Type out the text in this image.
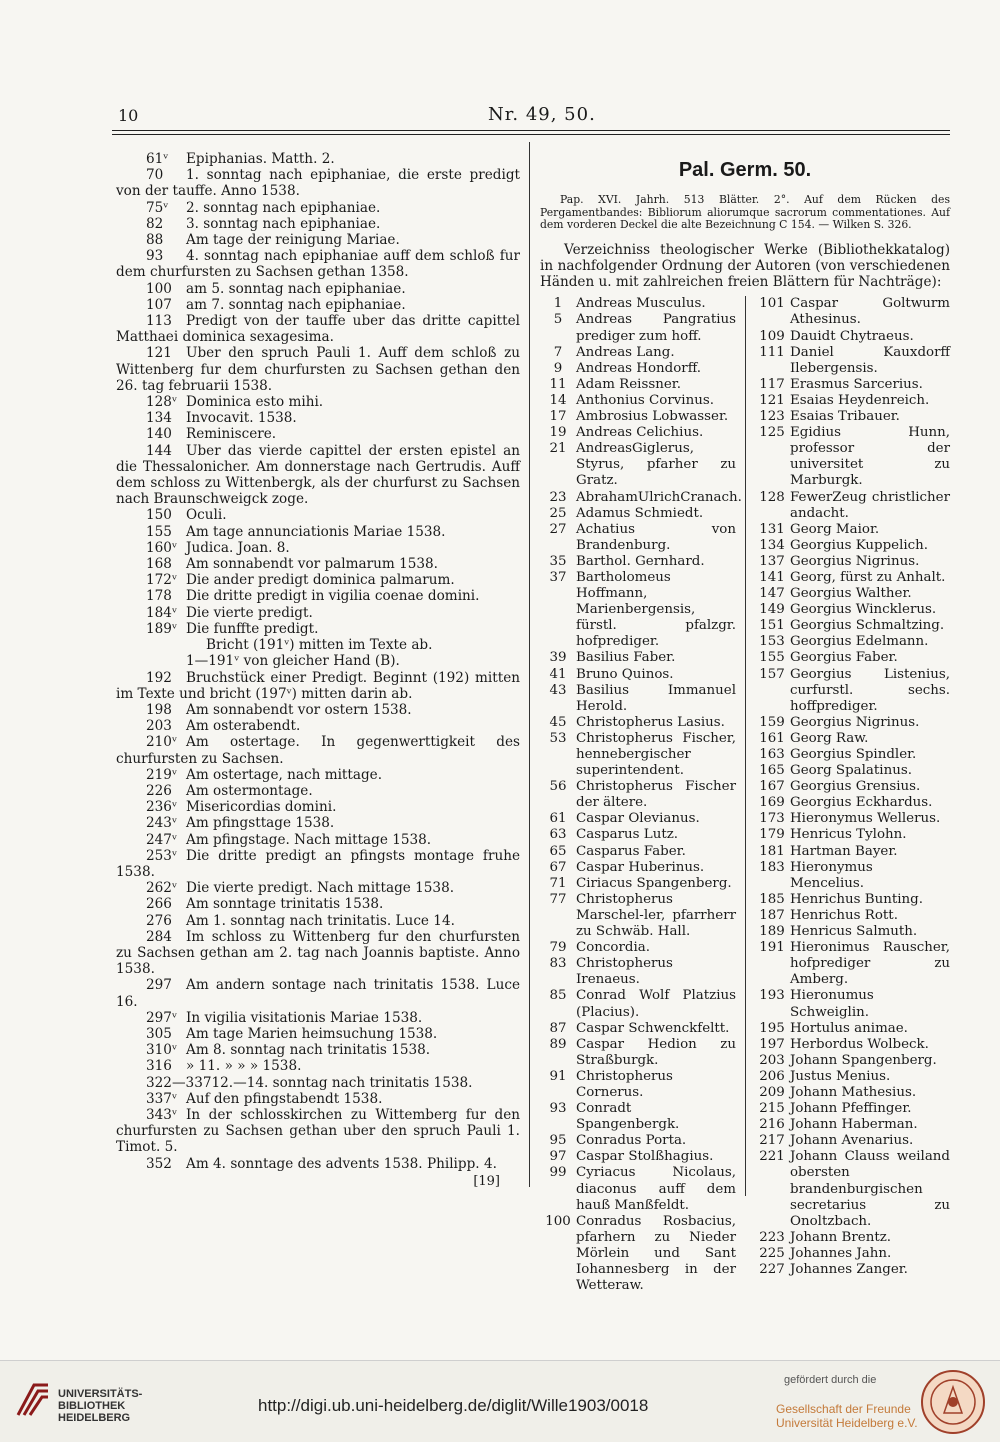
10	Nr. 49, 50.

61ᵛ Epiphanias. Matth. 2.

70 1. sonntag nach epiphaniae, die erste predigt von der tauffe. Anno 1538.

75ᵛ 2. sonntag nach epiphaniae.

82 3. sonntag nach epiphaniae.

88 Am tage der reinigung Mariae.

93 4. sonntag nach epiphaniae auff dem schloß fur dem churfursten zu Sachsen gethan 1358.

100 am 5. sonntag nach epiphaniae.

107 am 7. sonntag nach epiphaniae.

113 Predigt von der tauffe uber das dritte capittel Matthaei dominica sexagesima.

121 Uber den spruch Pauli 1. Auff dem schloß zu Wittenberg fur dem churfursten zu Sachsen gethan den 26. tag februarii 1538.

128ᵛ Dominica esto mihi.

134 Invocavit. 1538.

140 Reminiscere.

144 Uber das vierde capittel der ersten epistel an die Thessalonicher. Am donnerstage nach Gertrudis. Auff dem schloss zu Wittenbergk, als der churfurst zu Sachsen nach Braunschweigck zoge.

150 Oculi.

155 Am tage annunciationis Mariae 1538.

160ᵛ Judica. Joan. 8.

168 Am sonnabendt vor palmarum 1538.

172ᵛ Die ander predigt dominica palmarum.

178 Die dritte predigt in vigilia coenae domini.

184ᵛ Die vierte predigt.

189ᵛ Die funffte predigt.

Bricht (191ᵛ) mitten im Texte ab.

1—191ᵛ von gleicher Hand (B).

192 Bruchstück einer Predigt. Beginnt (192) mitten im Texte und bricht (197ᵛ) mitten darin ab.

198 Am sonnabendt vor ostern 1538.

203 Am osterabendt.

210ᵛ Am ostertage. In gegenwerttigkeit des churfursten zu Sachsen.

219ᵛ Am ostertage, nach mittage.

226 Am ostermontage.

236ᵛ Misericordias domini.

243ᵛ Am pfingsttage 1538.

247ᵛ Am pfingstage. Nach mittage 1538.

253ᵛ Die dritte predigt an pfingsts montage fruhe 1538.

262ᵛ Die vierte predigt. Nach mittage 1538.

266 Am sonntage trinitatis 1538.

276 Am 1. sonntag nach trinitatis. Luce 14.

284 Im schloss zu Wittenberg fur den churfursten zu Sachsen gethan am 2. tag nach Joannis baptiste. Anno 1538.

297 Am andern sontage nach trinitatis 1538. Luce 16.

297ᵛ In vigilia visitationis Mariae 1538.

305 Am tage Marien heimsuchung 1538.

310ᵛ Am 8. sonntag nach trinitatis 1538.

316 » 11. » » » 1538.

322—33712.—14. sonntag nach trinitatis 1538.

337ᵛ Auf den pfingstabendt 1538.

343ᵛ In der schlosskirchen zu Wittemberg fur den churfursten zu Sachsen gethan uber den spruch Pauli 1. Timot. 5.

352 Am 4. sonntage des advents 1538. Philipp. 4.

[19]
Pal. Germ. 50.

Pap. XVI. Jahrh. 513 Blätter. 2°. Auf dem Rücken des Pergamentbandes: Bibliorum aliorumque sacrorum commentationes. Auf dem vorderen Deckel die alte Bezeichnung C 154. — Wilken S. 326.

Verzeichniss theologischer Werke (Bibliothekkatalog) in nachfolgender Ordnung der Autoren (von verschiedenen Händen u. mit zahlreichen freien Blättern für Nachträge):

1	Andreas Musculus.
5	Andreas Pangratius prediger zum hoff.
7	Andreas Lang.
9	Andreas Hondorff.
11 Adam Reissner.
14 Anthonius Corvinus.
17 Ambrosius Lobwasser.
19 Andreas Celichius.
21 AndreasGiglerus, Styrus, pfarher zu Gratz.
23 AbrahamUlrichCranach.
25 Adamus Schmiedt.
27 Achatius von Brandenburg.
35 Barthol. Gernhard.
37 Bartholomeus Hoffmann, Marienbergensis, fürstl. pfalzgr. hofprediger.
39 Basilius Faber.
41 Bruno Quinos.
43 Basilius Immanuel Herold.
45 Christopherus Lasius.
53 Christopherus Fischer, hennebergischer superintendent.
56 Christopherus Fischer der ältere.
61 Caspar Olevianus.
63 Casparus Lutz.
65 Casparus Faber.
67 Caspar Huberinus.
71 Ciriacus Spangenberg.
77 Christopherus Marschel-ler, pfarrherr zu Schwäb. Hall.
79 Concordia.
83 Christopherus Irenaeus.
85 Conrad Wolf Platzius (Placius).
87 Caspar Schwenckfeltt.
89 Caspar Hedion zu Straßburgk.
91 Christopherus Cornerus.
93 Conradt Spangenbergk.
95 Conradus Porta.
97 Caspar Stolßhagius.
99 Cyriacus Nicolaus, diaconus auff dem hauß Manßfeldt.
100 Conradus Rosbacius, pfarhern zu Nieder Mörlein und Sant Iohannesberg in der Wetteraw.
101 Caspar Goltwurm Athesinus.
109 Dauidt Chytraeus.
111 Daniel Kauxdorff Ilebergensis.
117 Erasmus Sarcerius.
121 Esaias Heydenreich.
123 Esaias Tribauer.
125 Egidius Hunn, professor der universitet zu Marburgk.
128 FewerZeug christlicher andacht.
131 Georg Maior.
134 Georgius Kuppelich.
137 Georgius Nigrinus.
141 Georg, fürst zu Anhalt.
147 Georgius Walther.
149 Georgius Wincklerus.
151 Georgius Schmaltzing.
153 Georgius Edelmann.
155 Georgius Faber.
157 Georgius Listenius, curfurstl. sechs. hoffprediger.
159 Georgius Nigrinus.
161 Georg Raw.
163 Georgius Spindler.
165 Georg Spalatinus.
167 Georgius Grensius.
169 Georgius Eckhardus.
173 Hieronymus Wellerus.
179 Henricus Tylohn.
181 Hartman Bayer.
183 Hieronymus Mencelius.
185 Henrichus Bunting.
187 Henrichus Rott.
189 Henricus Salmuth.
191 Hieronimus Rauscher, hofprediger zu Amberg.
193 Hieronumus Schweiglin.
195 Hortulus animae.
197 Herbordus Wolbeck.
203 Johann Spangenberg.
206 Justus Menius.
209 Johann Mathesius.
215 Johann Pfeffinger.
216 Johann Haberman.
217 Johann Avenarius.
221 Johann Clauss weiland obersten brandenburgischen secretarius zu Onoltzbach.
223 Johann Brentz.
225 Johannes Jahn.
227 Johannes Zanger.
UNIVERSITÄTS-
BIBLIOTHEK
HEIDELBERG
http://digi.ub.uni-heidelberg.de/diglit/Wille1903/0018
gefördert durch die
Gesellschaft der Freunde
Universität Heidelberg e.V.
